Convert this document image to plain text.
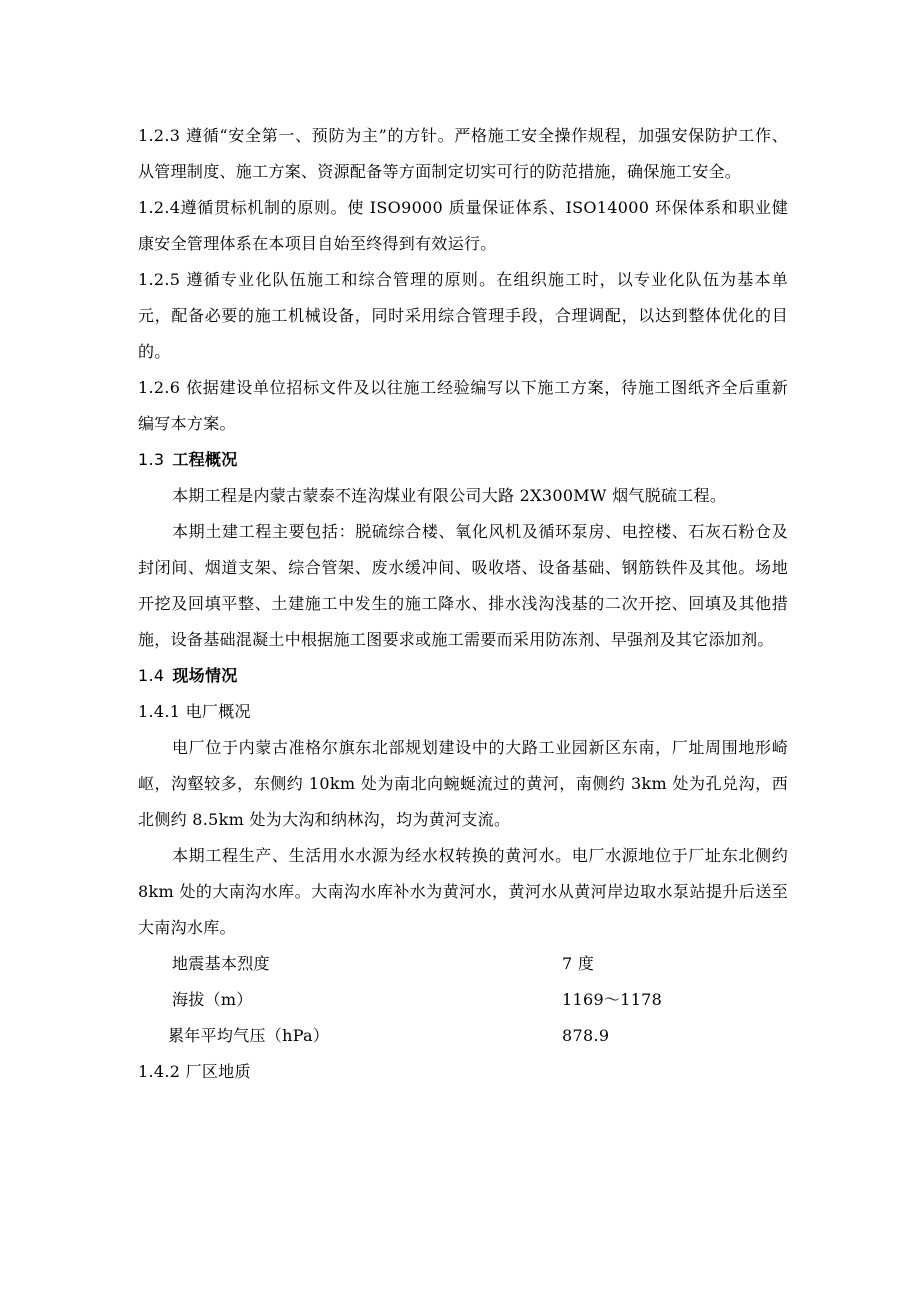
1.2.3 遵循“安全第一、预防为主”的方针。严格施工安全操作规程，加强安保防护工作、从管理制度、施工方案、资源配备等方面制定切实可行的防范措施，确保施工安全。

1.2.4遵循贯标机制的原则。使 ISO9000 质量保证体系、ISO14000 环保体系和职业健康安全管理体系在本项目自始至终得到有效运行。

1.2.5 遵循专业化队伍施工和综合管理的原则。在组织施工时，以专业化队伍为基本单元，配备必要的施工机械设备，同时采用综合管理手段，合理调配，以达到整体优化的目的。

1.2.6 依据建设单位招标文件及以往施工经验编写以下施工方案，待施工图纸齐全后重新编写本方案。

1.3 工程概况

本期工程是内蒙古蒙泰不连沟煤业有限公司大路 2X300MW 烟气脱硫工程。

本期土建工程主要包括：脱硫综合楼、氧化风机及循环泵房、电控楼、石灰石粉仓及封闭间、烟道支架、综合管架、废水缓冲间、吸收塔、设备基础、钢筋铁件及其他。场地开挖及回填平整、土建施工中发生的施工降水、排水浅沟浅基的二次开挖、回填及其他措施，设备基础混凝土中根据施工图要求或施工需要而采用防冻剂、早强剂及其它添加剂。

1.4 现场情况

1.4.1 电厂概况

电厂位于内蒙古准格尔旗东北部规划建设中的大路工业园新区东南，厂址周围地形崎岖，沟壑较多，东侧约 10km 处为南北向蜿蜒流过的黄河，南侧约 3km 处为孔兑沟，西北侧约 8.5km 处为大沟和纳林沟，均为黄河支流。

本期工程生产、生活用水水源为经水权转换的黄河水。电厂水源地位于厂址东北侧约 8km 处的大南沟水库。大南沟水库补水为黄河水，黄河水从黄河岸边取水泵站提升后送至大南沟水库。

地震基本烈度	7 度
海拔（m）	1169～1178
累年平均气压（hPa）	878.9

1.4.2 厂区地质
